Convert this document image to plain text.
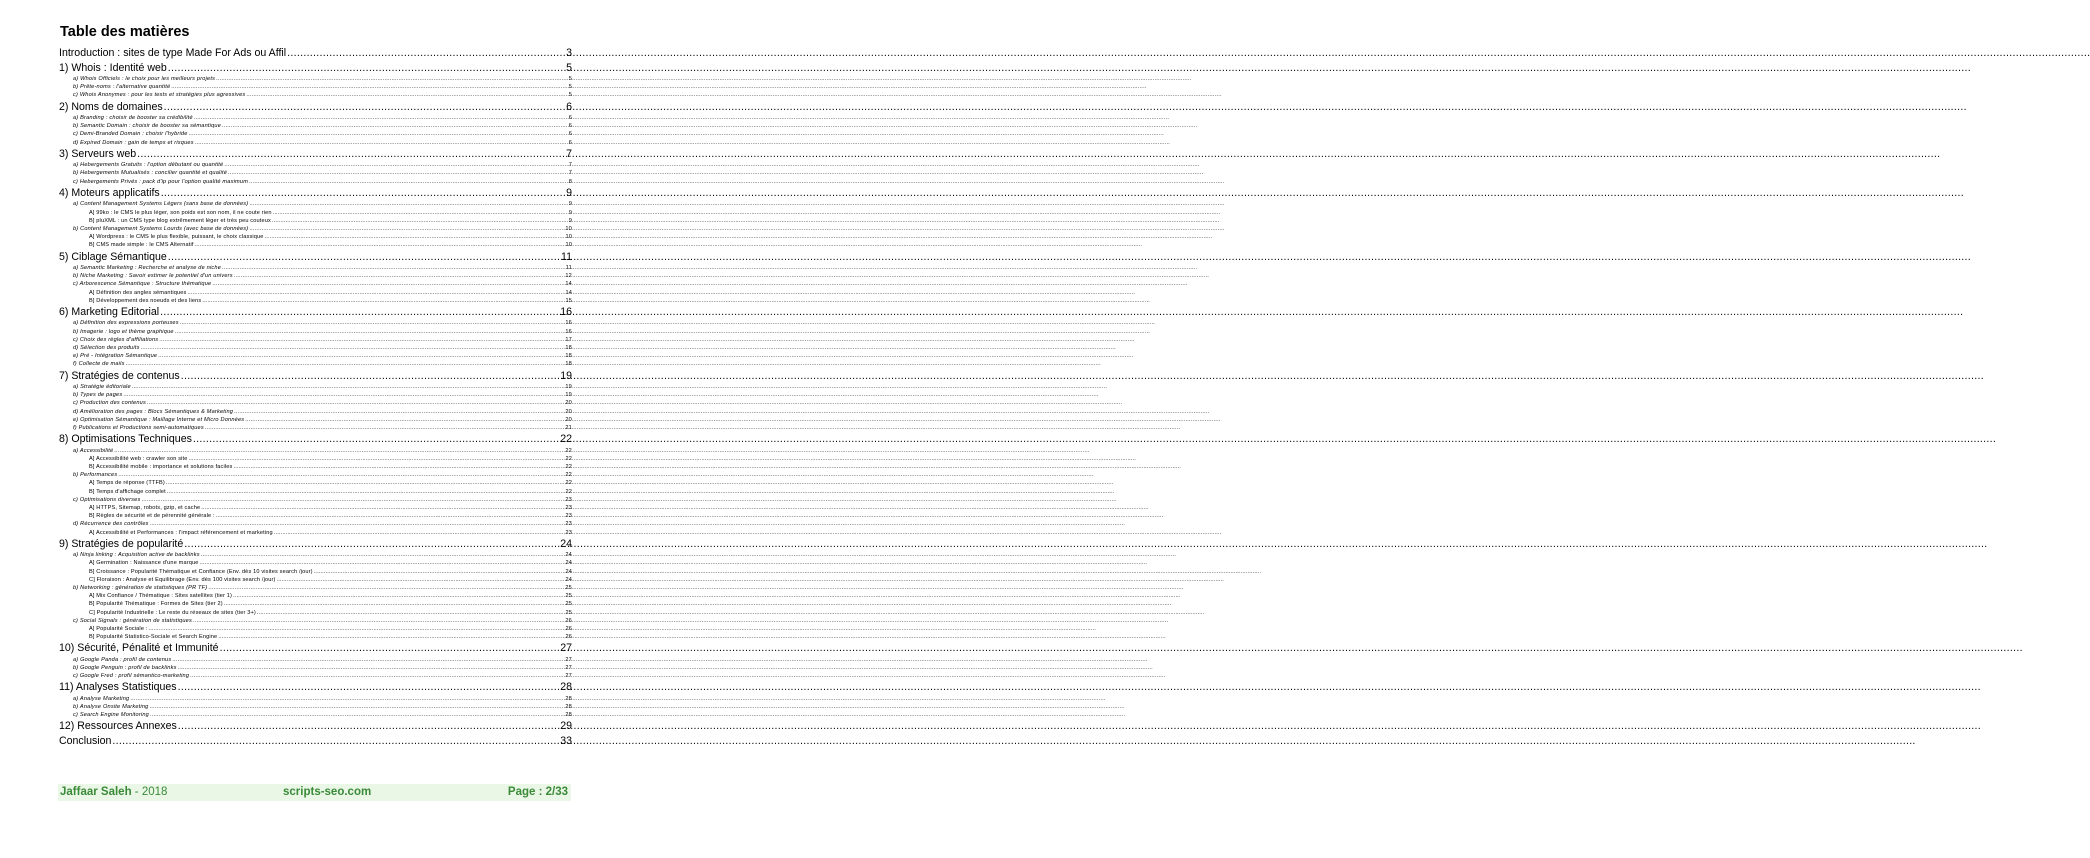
Table des matières
Introduction : sites de type Made For Ads ou Affil .....	3
1) Whois : Identité web .....	5
a) Whois Officiels : le choix pour les meilleurs projets .....	5
b) Prête-noms : l'alternative quantité .....	5
c) Whois Anonymes : pour les tests et stratégies plus agressives .....	5
2) Noms de domaines .....	6
a) Branding : choisir de booster sa crédibilité .....	6
b) Semantic Domain : choisir de booster sa sémantique .....	6
c) Demi-Branded Domain : choisir l'hybride .....	6
d) Expired Domain : gain de temps et risques .....	6
3) Serveurs web .....	7
a) Hebergements Gratuits : l'option débutant ou quantité .....	7
b) Hebergements Mutualisés : concilier quantité et qualité .....	7
c) Hebergements Privés : pack d'ip pour l'option qualité maximum .....	8
4) Moteurs applicatifs .....	9
a) Content Management Systems Légers (sans base de données) .....	9
A] 99ko : le CMS le plus léger, son poids est son nom, il ne coute rien .....	9
B] pluXML : un CMS type blog extrêmement léger et très peu couteux .....	9
b) Content Management Systems Lourds (avec base de données) .....	10
A] Wordpress : le CMS le plus flexible, puissant, le choix classique .....	10
B] CMS made simple : le CMS Alternatif .....	10
5) Ciblage Sémantique .....	11
a) Semantic Marketing : Recherche et analyse de niche .....	11
b) Niche Marketing : Savoir estimer le potentiel d'un univers .....	12
c) Arborescence Sémantique : Structure thématique .....	14
A] Définition des angles sémantiques .....	14
B] Développement des noeuds et des liens .....	15
6) Marketing Editorial .....	16
a) Définition des expressions porteuses .....	16
b) Imagerie : logo et thème graphique .....	16
c) Choix des règles d'affiliations .....	17
d) Sélection des produits .....	18
e) Pré - Intégration Sémantique .....	18
f) Collecte de mails .....	18
7) Stratégies de contenus .....	19
a) Stratégie éditoriale .....	19
b) Types de pages .....	19
c) Production des contenus .....	20
d) Amélioration des pages : Blocs Sémantiques & Marketing .....	20
e) Optimisation Sémantique : Maillage Interne et Micro Données .....	20
f) Publications et Productions semi-automatiques .....	21
8) Optimisations Techniques .....	22
a) Accessibilité .....	22
A] Accessibilité web : crawler son site .....	22
B] Accessibilité mobile : importance et solutions faciles .....	22
b) Performances .....	22
A] Temps de réponse (TTFB) .....	22
B] Temps d'affichage complet .....	22
c) Optimisations diverses .....	23
A] HTTPS, Sitemap, robots, gzip, et cache .....	23
B] Règles de sécurité et de pérennité générale : .....	23
d) Récurrence des contrôles .....	23
A] Accessibilité et Performances : l'impact référencement et marketing .....	23
9) Stratégies de popularité .....	24
a) Ninja linking : Acquisition active de backlinks .....	24
A] Germination : Naissance d'une marque .....	24
B] Croissance : Popularité Thématique et Confiance (Env. dès 10 visites search /jour) .....	24
C] Floraison : Analyse et Equilibrage (Env. dès 100 visites search /jour) .....	24
b) Networking : génération de statistiques (PR TF) .....	25
A] Mix Confiance / Thématique : Sites satellites (tier 1) .....	25
B] Popularité Thématique : Formes de Sites (tier 2) .....	25
C] Popularité Industrielle : Le reste du réseaux de sites (tier 3+) .....	25
c) Social Signals : génération de statistiques .....	26
A] Popularité Sociale : .....	26
B] Popularité Statistico-Sociale et Search Engine .....	26
10) Sécurité, Pénalité et Immunité .....	27
a) Google Panda : profil de contenus .....	27
b) Google Penguin : profil de backlinks .....	27
c) Google Fred : profil sémantico-marketing .....	27
11) Analyses Statistiques .....	28
a) Analyse Marketing .....	28
b) Analyse Onsite Marketing .....	28
c) Search Engine Monitoring .....	28
12) Ressources Annexes .....	29
Conclusion .....	33
Jaffaar Saleh - 2018	scripts-seo.com	Page : 2/33
